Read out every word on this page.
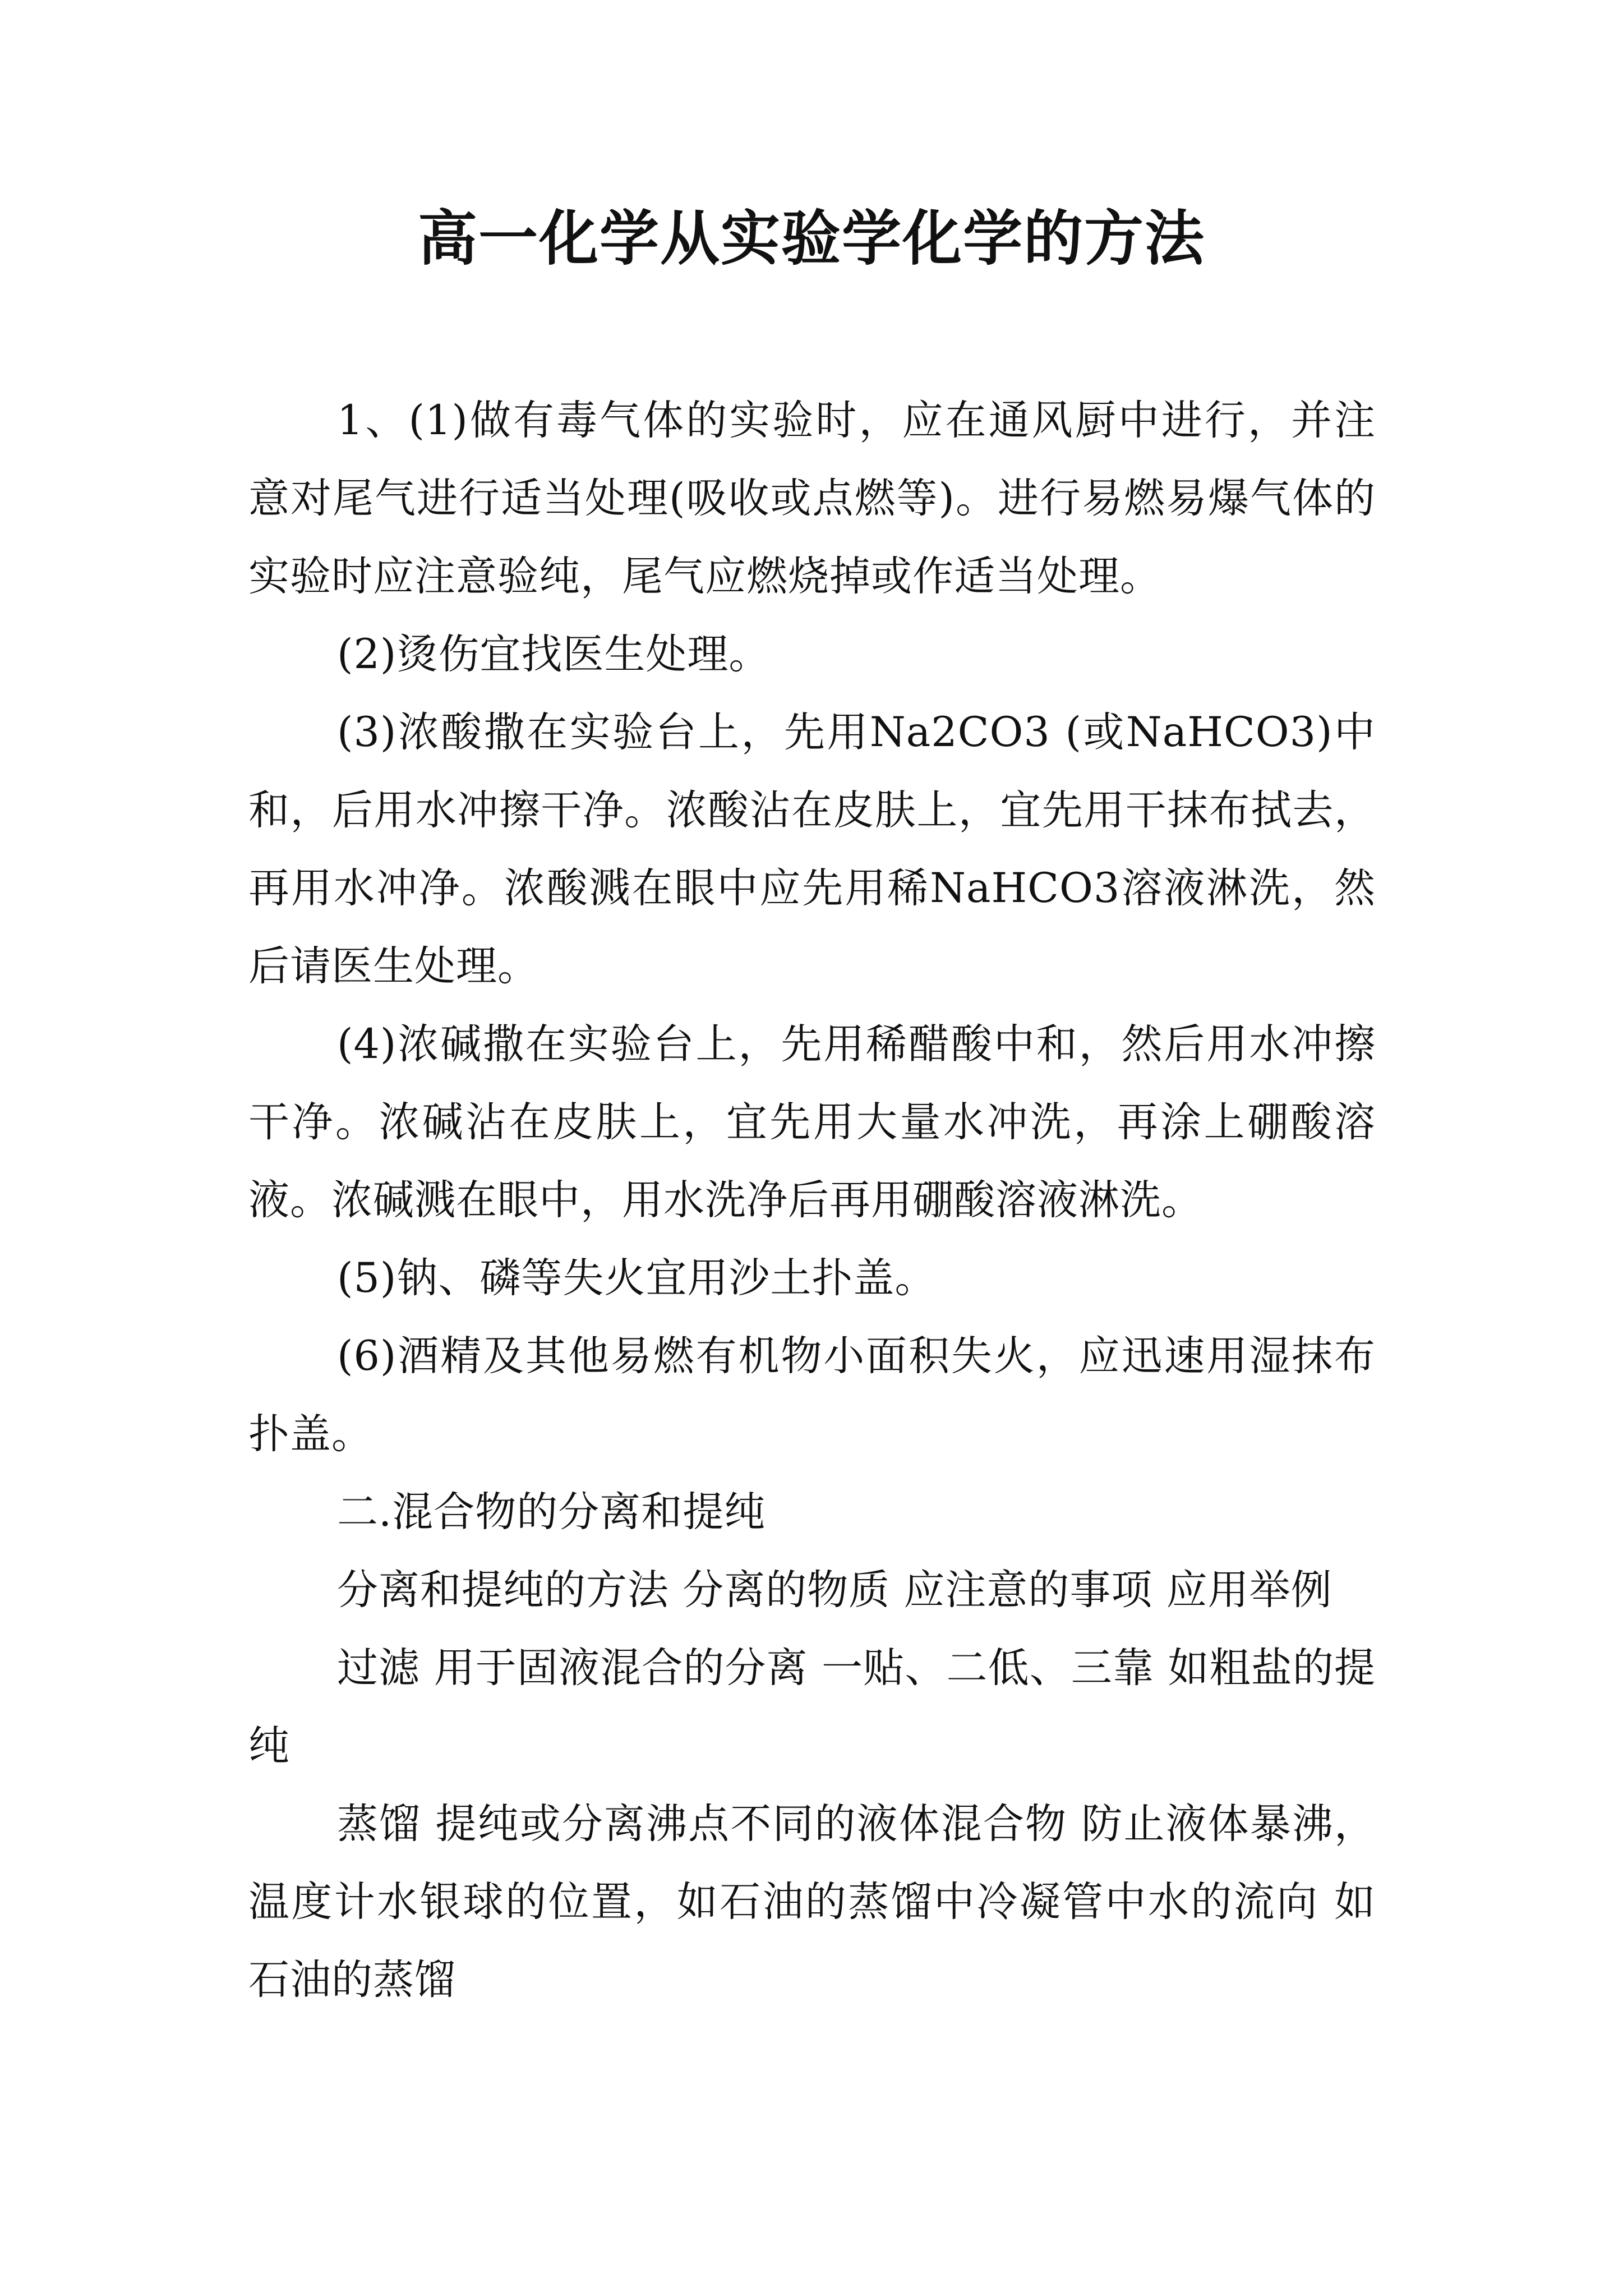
高一化学从实验学化学的方法

1、(1)做有毒气体的实验时，应在通风厨中进行，并注意对尾气进行适当处理(吸收或点燃等)。进行易燃易爆气体的实验时应注意验纯，尾气应燃烧掉或作适当处理。

(2)烫伤宜找医生处理。

(3)浓酸撒在实验台上，先用Na2CO3 (或NaHCO3)中和，后用水冲擦干净。浓酸沾在皮肤上，宜先用干抹布拭去，再用水冲净。浓酸溅在眼中应先用稀NaHCO3溶液淋洗，然后请医生处理。

(4)浓碱撒在实验台上，先用稀醋酸中和，然后用水冲擦干净。浓碱沾在皮肤上，宜先用大量水冲洗，再涂上硼酸溶液。浓碱溅在眼中，用水洗净后再用硼酸溶液淋洗。

(5)钠、磷等失火宜用沙土扑盖。

(6)酒精及其他易燃有机物小面积失火，应迅速用湿抹布扑盖。

二.混合物的分离和提纯

分离和提纯的方法 分离的物质 应注意的事项 应用举例

过滤 用于固液混合的分离 一贴、二低、三靠 如粗盐的提纯

蒸馏 提纯或分离沸点不同的液体混合物 防止液体暴沸，温度计水银球的位置，如石油的蒸馏中冷凝管中水的流向 如石油的蒸馏
